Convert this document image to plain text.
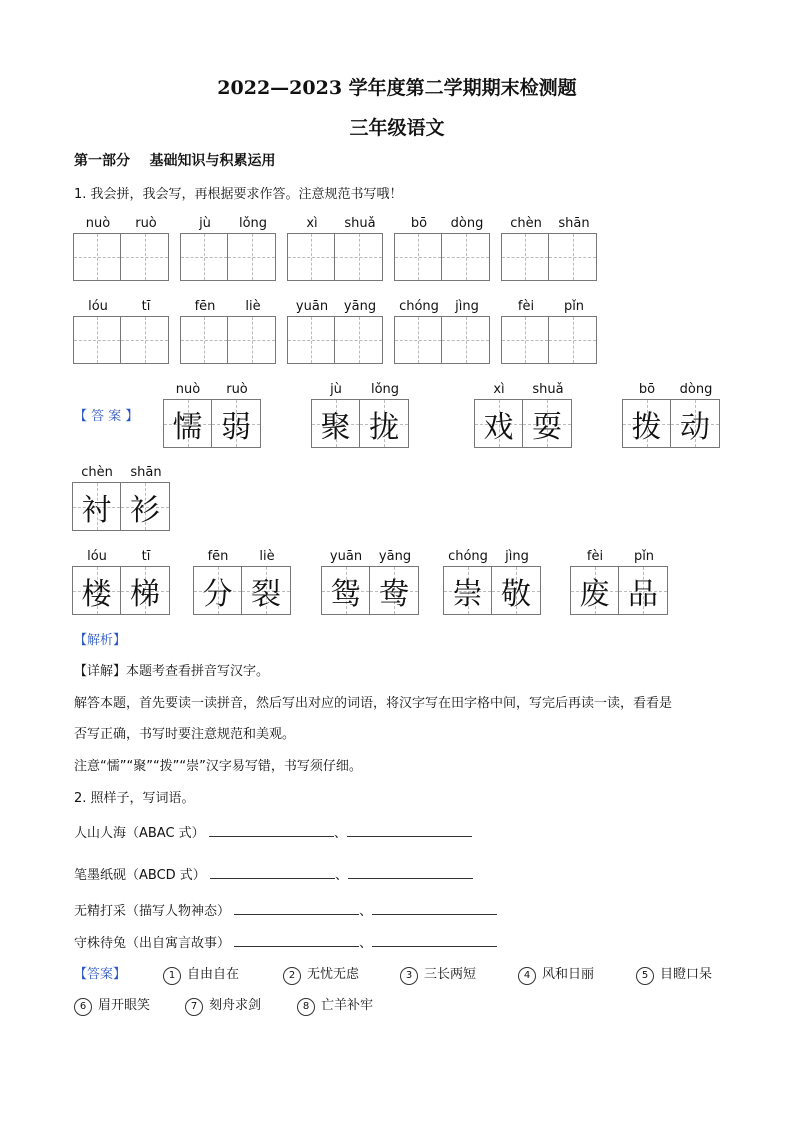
2022—2023 学年度第二学期期末检测题
三年级语文
第一部分    基础知识与积累运用
1. 我会拼，我会写，再根据要求作答。注意规范书写哦！
nuò	ruò	jù	lǒng	xì	shuǎ	bō	dòng	chèn	shān
lóu	tī	fēn	liè	yuān	yāng	chóng	jìng	fèi	pǐn
【 答 案 】
nuò	ruò
懦 弱
jù	lǒng
聚 拢
xì	shuǎ
戏 耍
bō	dòng
拨 动
chèn	shān
衬 衫
lóu	tī
楼 梯
fēn	liè
分 裂
yuān	yāng
鸳 鸯
chóng	jìng
崇 敬
fèi	pǐn
废 品
【解析】
【详解】本题考查看拼音写汉字。
解答本题，首先要读一读拼音，然后写出对应的词语，将汉字写在田字格中间，写完后再读一读，看看是
否写正确，书写时要注意规范和美观。
注意“懦”“聚”“拨”“崇”汉字易写错，书写须仔细。
2. 照样子，写词语。
人山人海（ABAC 式）	、
笔墨纸砚（ABCD 式）	、
无精打采（描写人物神态）	、
守株待兔（出自寓言故事）	、
【答案】	1 自由自在	2 无忧无虑	3 三长两短	4 风和日丽	5 目瞪口呆
6 眉开眼笑	7 刻舟求剑	8 亡羊补牢
